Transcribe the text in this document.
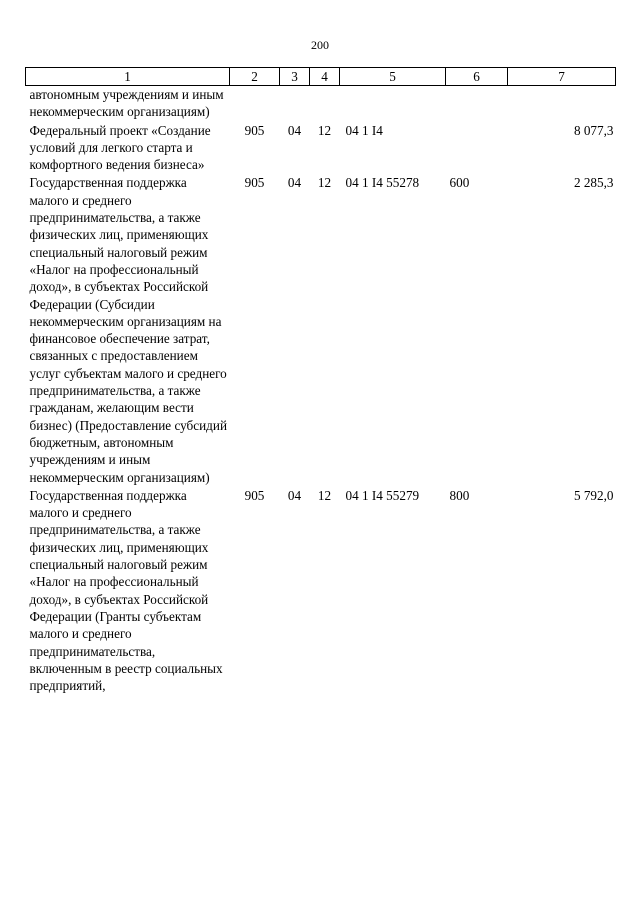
200
1	2	3	4	5	6	7
автономным учреждениям и иным некоммерческим организациям)						
Федеральный проект «Создание условий для легкого старта и комфортного ведения бизнеса»	905	04	12	04 1 I4		8 077,3
Государственная поддержка малого и среднего предпринимательства, а также физических лиц, применяющих специальный налоговый режим «Налог на профессиональный доход», в субъектах Российской Федерации (Субсидии некоммерческим организациям на финансовое обеспечение затрат, связанных с предоставлением услуг субъектам малого и среднего предпринимательства, а также гражданам, желающим вести бизнес) (Предоставление субсидий бюджетным, автономным учреждениям и иным некоммерческим организациям)	905	04	12	04 1 I4 55278	600	2 285,3
Государственная поддержка малого и среднего предпринимательства, а также физических лиц, применяющих специальный налоговый режим «Налог на профессиональный доход», в субъектах Российской Федерации (Гранты субъектам малого и среднего предпринимательства, включенным в реестр социальных предприятий,	905	04	12	04 1 I4 55279	800	5 792,0
